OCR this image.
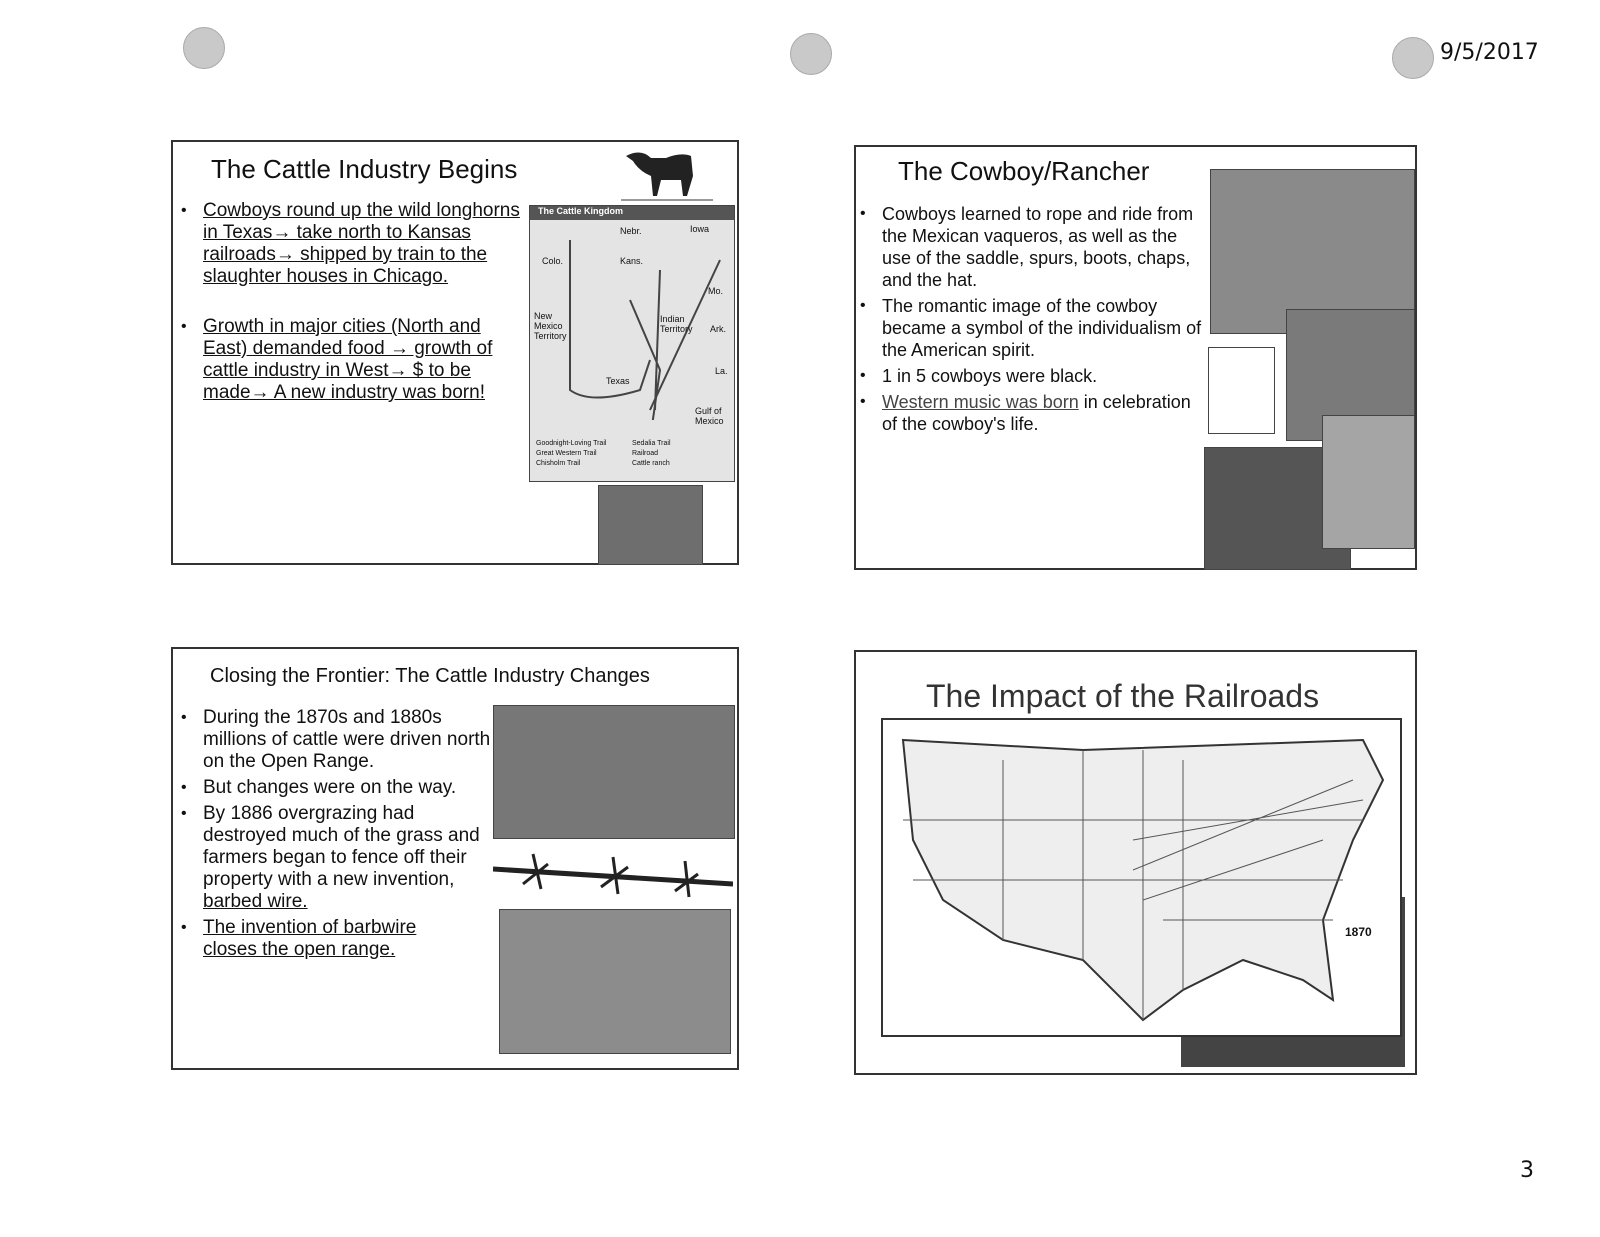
9/5/2017
3
The Cattle Industry Begins
• Cowboys round up the wild longhorns in Texas→ take north to Kansas railroads→ shipped by train to the slaughter houses in Chicago.
• Growth in major cities (North and East) demanded food → growth of cattle industry in West→ $ to be made→ A new industry was born!
The Cattle Kingdom
Nebr.	Iowa
Colo.	Kans.
Mo.
Indian Territory	Ark.
Texas
La.
Gulf of Mexico
New Mexico Territory
Goodnight-Loving Trail	Sedalia Trail
Great Western Trail	Railroad
Chisholm Trail	Cattle ranch
The Cowboy/Rancher
• Cowboys learned to rope and ride from the Mexican vaqueros, as well as the use of the saddle, spurs, boots, chaps, and the hat.
• The romantic image of the cowboy became a symbol of the individualism of the American spirit.
• 1 in 5 cowboys were black.
• Western music was born in celebration of the cowboy's life.
Closing the Frontier: The Cattle Industry Changes
• During the 1870s and 1880s millions of cattle were driven north on the Open Range.
• But changes were on the way.
• By 1886 overgrazing had destroyed much of the grass and farmers began to fence off their property with a new invention, barbed wire.
• The invention of barbwire closes the open range.
The Impact of the Railroads
1870
